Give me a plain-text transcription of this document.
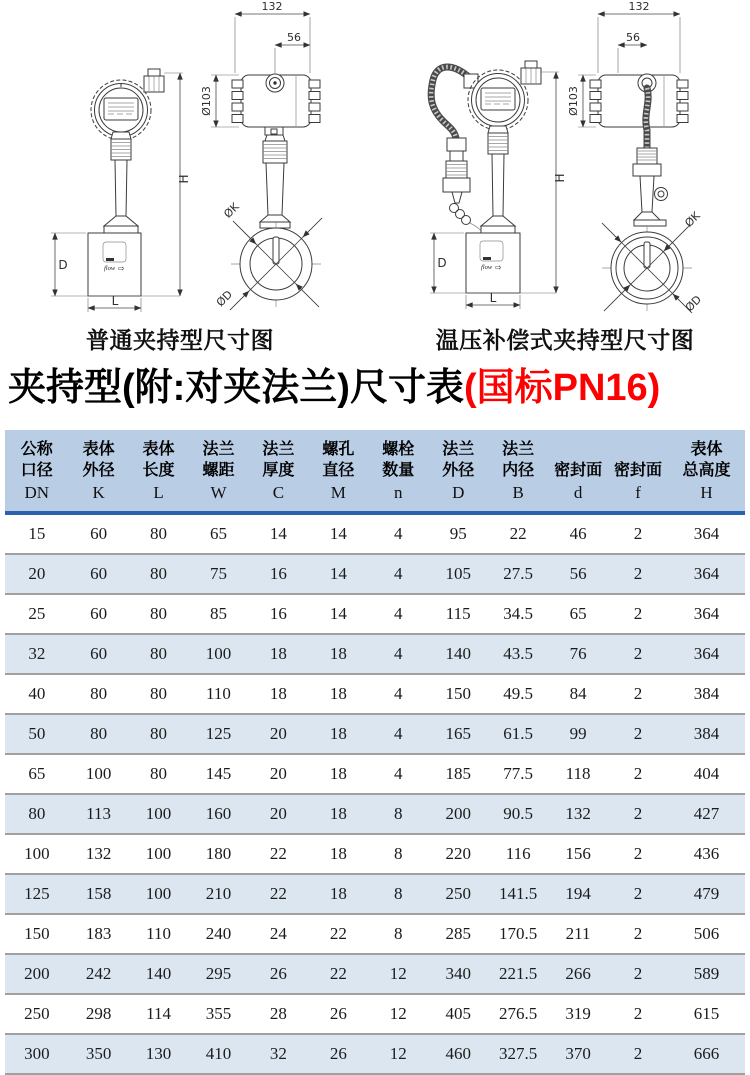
H
flow ⇨
D
L
132
56
Ø103
ØK
ØD
H
flow ⇨
D
L
132
56
Ø103
ØK
ØD
普通夹持型尺寸图	温压补偿式夹持型尺寸图
夹持型(附:对夹法兰)尺寸表(国标PN16)
公称
口径
DN

表体
外径
K

表体
长度
L

法兰
螺距
W

法兰
厚度
C

螺孔
直径
M

螺栓
数量
n

法兰
外径
D

法兰
内径
B

密封面
d

密封面
f

表体
总高度
H

15	60	80	65	14	14	4	95	22	46	2	364
20	60	80	75	16	14	4	105	27.5	56	2	364
25	60	80	85	16	14	4	115	34.5	65	2	364
32	60	80	100	18	18	4	140	43.5	76	2	364
40	80	80	110	18	18	4	150	49.5	84	2	384
50	80	80	125	20	18	4	165	61.5	99	2	384
65	100	80	145	20	18	4	185	77.5	118	2	404
80	113	100	160	20	18	8	200	90.5	132	2	427
100	132	100	180	22	18	8	220	116	156	2	436
125	158	100	210	22	18	8	250	141.5	194	2	479
150	183	110	240	24	22	8	285	170.5	211	2	506
200	242	140	295	26	22	12	340	221.5	266	2	589
250	298	114	355	28	26	12	405	276.5	319	2	615
300	350	130	410	32	26	12	460	327.5	370	2	666
